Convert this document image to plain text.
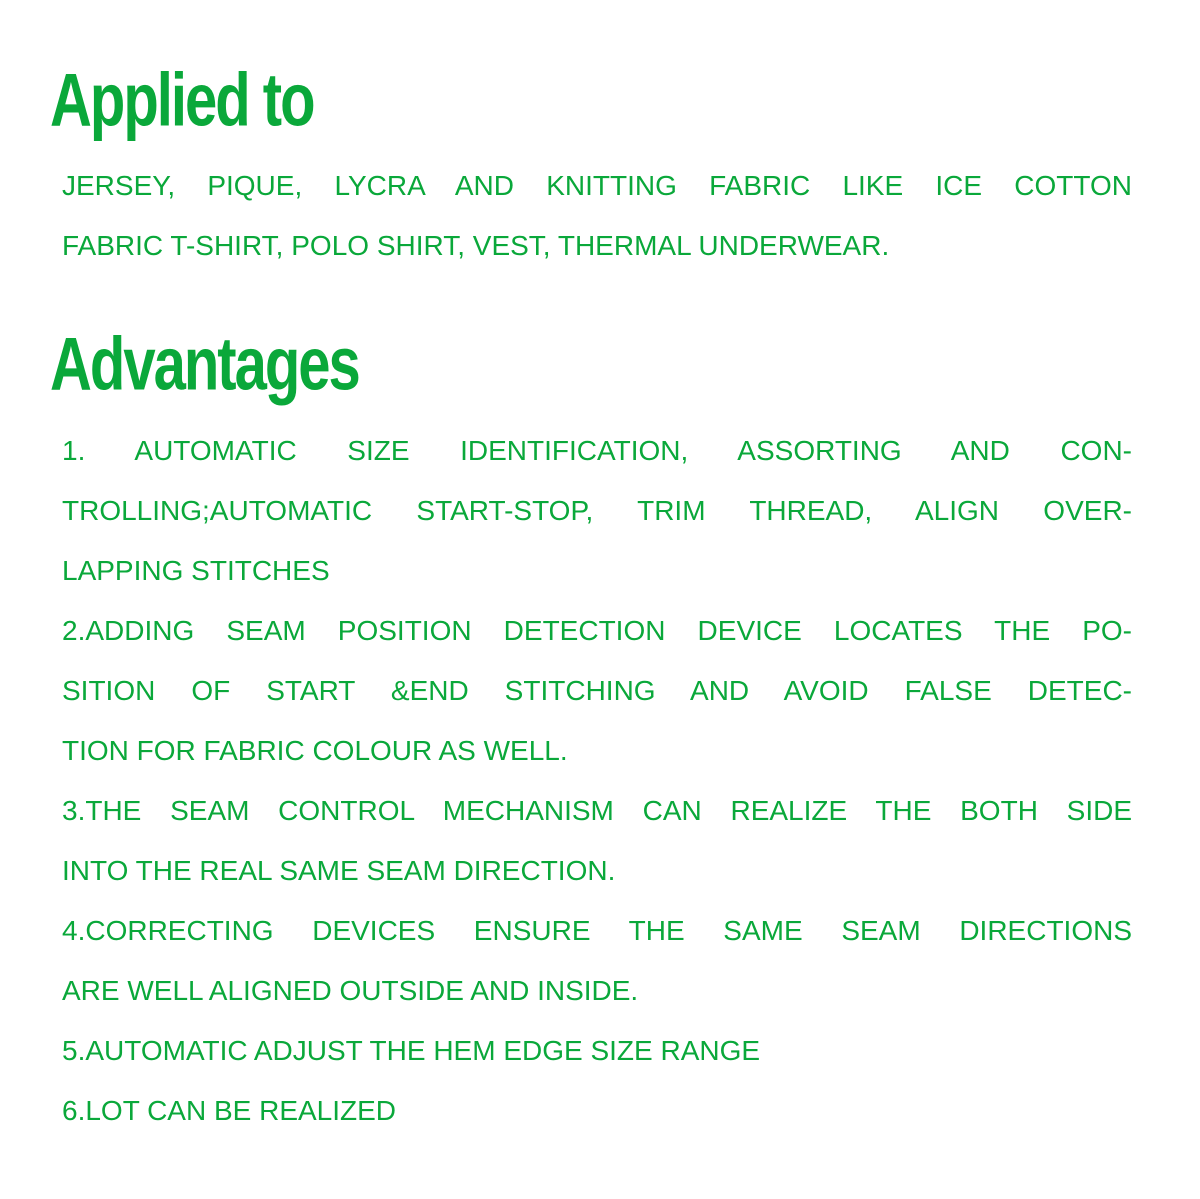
Applied to

JERSEY, PIQUE, LYCRA AND KNITTING FABRIC LIKE ICE COTTON

FABRIC T-SHIRT, POLO SHIRT, VEST, THERMAL UNDERWEAR.

Advantages

1. AUTOMATIC SIZE IDENTIFICATION, ASSORTING AND CON-

TROLLING;AUTOMATIC START-STOP, TRIM THREAD, ALIGN OVER-

LAPPING STITCHES

2.ADDING SEAM POSITION DETECTION DEVICE LOCATES THE PO-

SITION OF START &END STITCHING AND AVOID FALSE DETEC-

TION FOR FABRIC COLOUR AS WELL.

3.THE SEAM CONTROL MECHANISM CAN REALIZE THE BOTH SIDE

INTO THE REAL SAME SEAM DIRECTION.

4.CORRECTING DEVICES ENSURE THE SAME SEAM DIRECTIONS

ARE WELL ALIGNED OUTSIDE AND INSIDE.

5.AUTOMATIC ADJUST THE HEM EDGE SIZE RANGE

6.LOT CAN BE REALIZED
